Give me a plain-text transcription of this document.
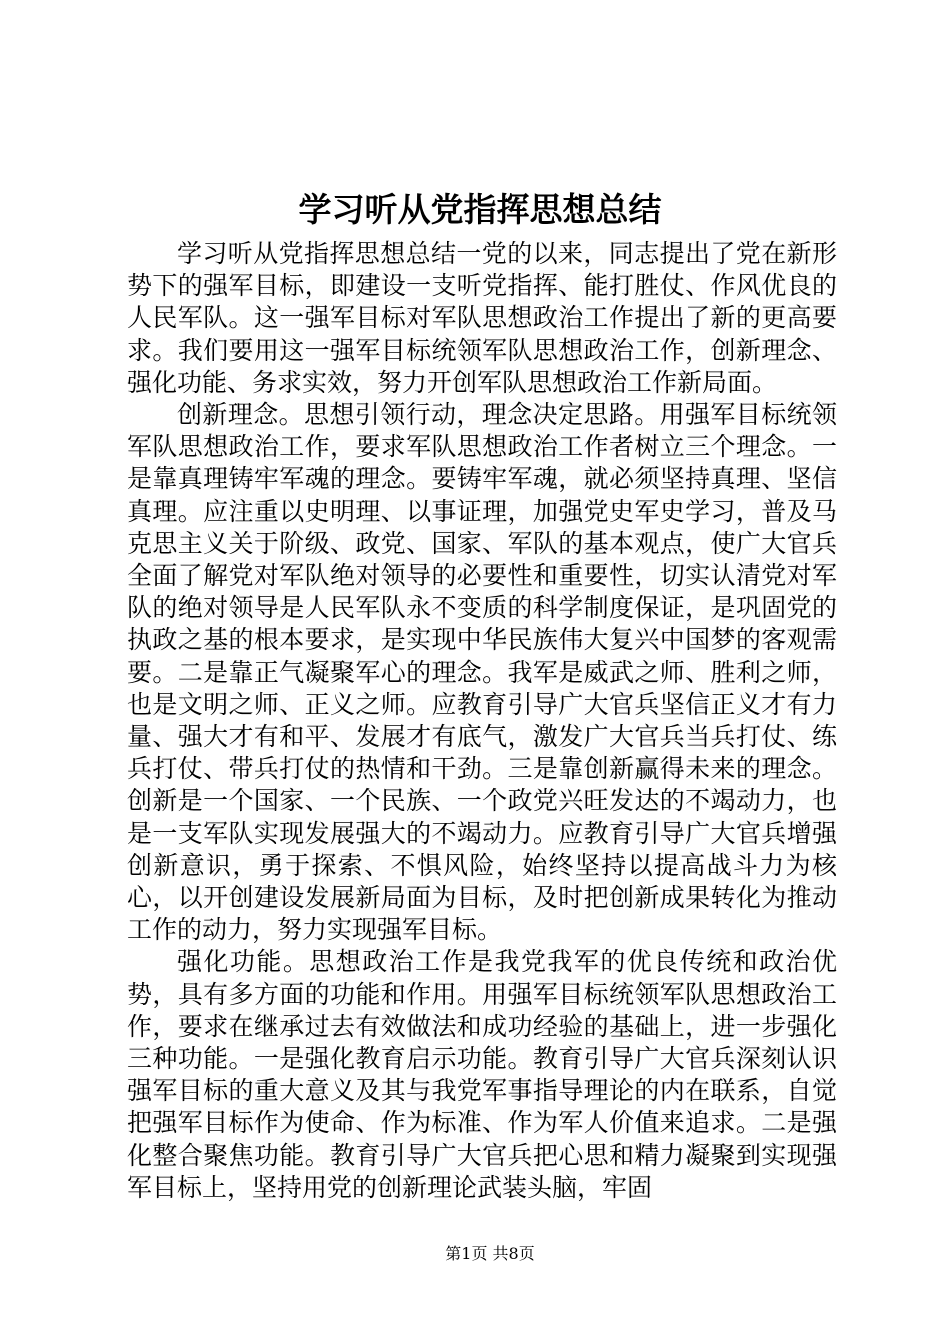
学习听从党指挥思想总结

学习听从党指挥思想总结一党的以来，同志提出了党在新形势下的强军目标，即建设一支听党指挥、能打胜仗、作风优良的人民军队。这一强军目标对军队思想政治工作提出了新的更高要求。我们要用这一强军目标统领军队思想政治工作，创新理念、强化功能、务求实效，努力开创军队思想政治工作新局面。

创新理念。思想引领行动，理念决定思路。用强军目标统领军队思想政治工作，要求军队思想政治工作者树立三个理念。一是靠真理铸牢军魂的理念。要铸牢军魂，就必须坚持真理、坚信真理。应注重以史明理、以事证理，加强党史军史学习，普及马克思主义关于阶级、政党、国家、军队的基本观点，使广大官兵全面了解党对军队绝对领导的必要性和重要性，切实认清党对军队的绝对领导是人民军队永不变质的科学制度保证，是巩固党的执政之基的根本要求，是实现中华民族伟大复兴中国梦的客观需要。二是靠正气凝聚军心的理念。我军是威武之师、胜利之师，也是文明之师、正义之师。应教育引导广大官兵坚信正义才有力量、强大才有和平、发展才有底气，激发广大官兵当兵打仗、练兵打仗、带兵打仗的热情和干劲。三是靠创新赢得未来的理念。创新是一个国家、一个民族、一个政党兴旺发达的不竭动力，也是一支军队实现发展强大的不竭动力。应教育引导广大官兵增强创新意识，勇于探索、不惧风险，始终坚持以提高战斗力为核心，以开创建设发展新局面为目标，及时把创新成果转化为推动工作的动力，努力实现强军目标。

强化功能。思想政治工作是我党我军的优良传统和政治优势，具有多方面的功能和作用。用强军目标统领军队思想政治工作，要求在继承过去有效做法和成功经验的基础上，进一步强化三种功能。一是强化教育启示功能。教育引导广大官兵深刻认识强军目标的重大意义及其与我党军事指导理论的内在联系，自觉把强军目标作为使命、作为标准、作为军人价值来追求。二是强化整合聚焦功能。教育引导广大官兵把心思和精力凝聚到实现强军目标上，坚持用党的创新理论武装头脑，牢固

第1页 共8页
